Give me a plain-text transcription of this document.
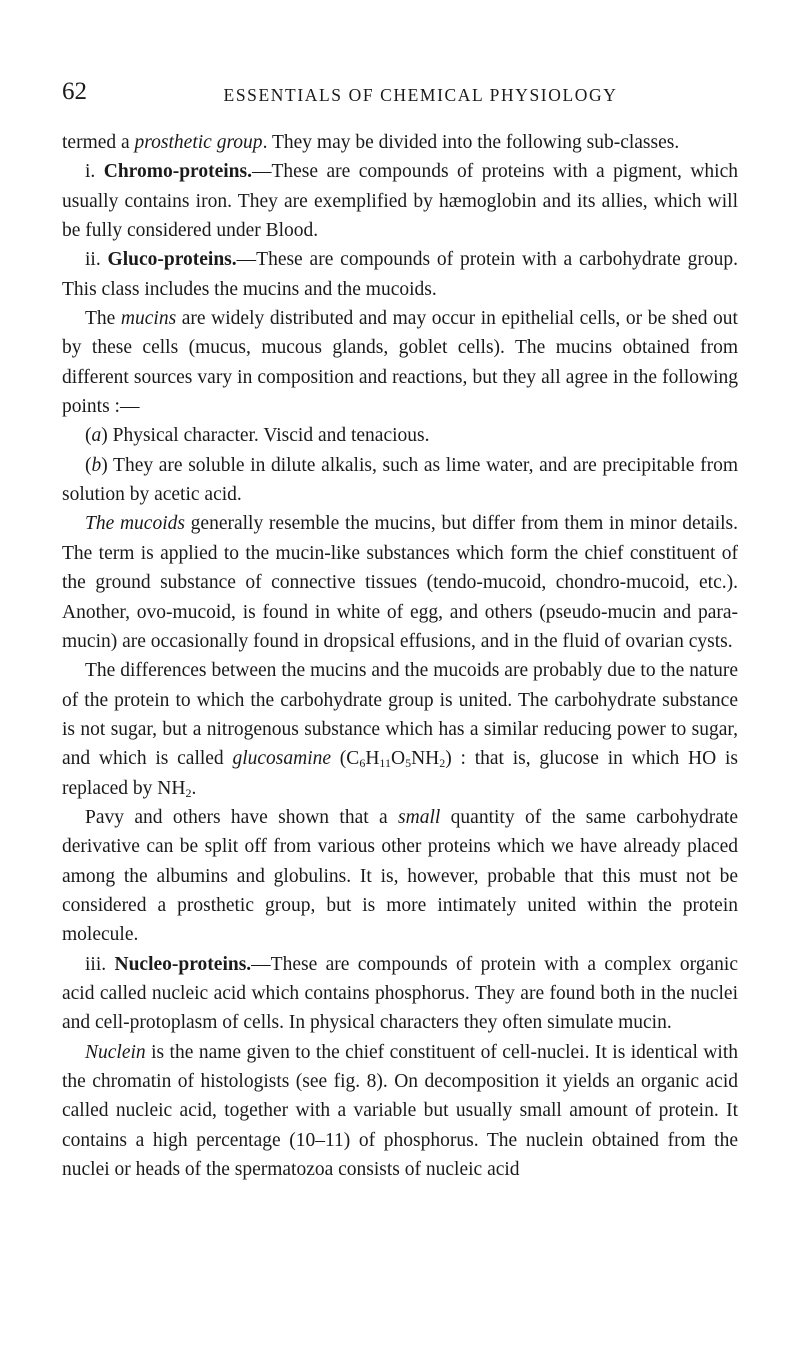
62	ESSENTIALS OF CHEMICAL PHYSIOLOGY

termed a prosthetic group. They may be divided into the following sub-classes.

i. Chromo-proteins.—These are compounds of proteins with a pigment, which usually contains iron. They are exemplified by hæmoglobin and its allies, which will be fully considered under Blood.

ii. Gluco-proteins.—These are compounds of protein with a carbohydrate group. This class includes the mucins and the mucoids.

The mucins are widely distributed and may occur in epithelial cells, or be shed out by these cells (mucus, mucous glands, goblet cells). The mucins obtained from different sources vary in composition and reactions, but they all agree in the following points :—

(a) Physical character. Viscid and tenacious.

(b) They are soluble in dilute alkalis, such as lime water, and are precipitable from solution by acetic acid.

The mucoids generally resemble the mucins, but differ from them in minor details. The term is applied to the mucin-like substances which form the chief constituent of the ground substance of connective tissues (tendo-mucoid, chondro-mucoid, etc.). Another, ovo-mucoid, is found in white of egg, and others (pseudo-mucin and para-mucin) are occasionally found in dropsical effusions, and in the fluid of ovarian cysts.

The differences between the mucins and the mucoids are probably due to the nature of the protein to which the carbohydrate group is united. The carbohydrate substance is not sugar, but a nitrogenous substance which has a similar reducing power to sugar, and which is called glucosamine $(C_6H_{11}O_5NH_2)$ : that is, glucose in which HO is replaced by $NH_2$.

Pavy and others have shown that a small quantity of the same carbohydrate derivative can be split off from various other proteins which we have already placed among the albumins and globulins. It is, however, probable that this must not be considered a prosthetic group, but is more intimately united within the protein molecule.

iii. Nucleo-proteins.—These are compounds of protein with a complex organic acid called nucleic acid which contains phosphorus. They are found both in the nuclei and cell-protoplasm of cells. In physical characters they often simulate mucin.

Nuclein is the name given to the chief constituent of cell-nuclei. It is identical with the chromatin of histologists (see fig. 8). On decomposition it yields an organic acid called nucleic acid, together with a variable but usually small amount of protein. It contains a high percentage (10–11) of phosphorus. The nuclein obtained from the nuclei or heads of the spermatozoa consists of nucleic acid
